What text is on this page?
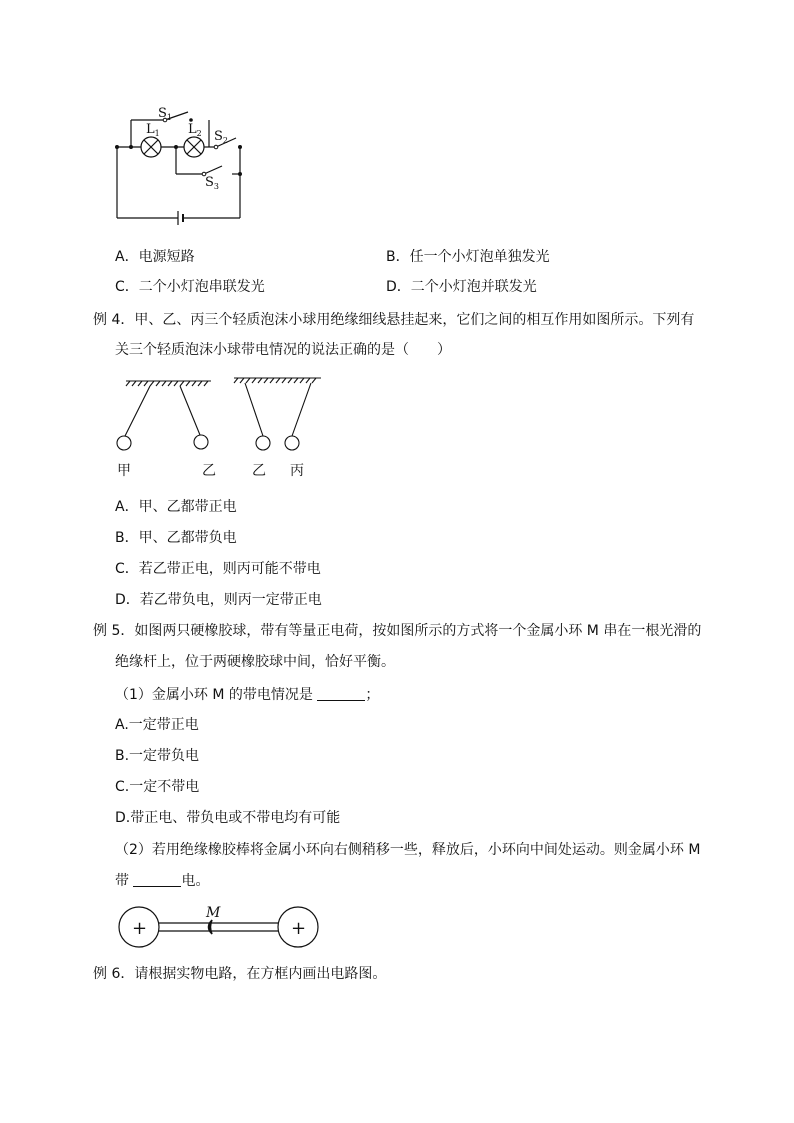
$S_1$
$L_1$ $L_2$ $S_2$
$S_3$
A．电源短路	B．任一个小灯泡单独发光
C．二个小灯泡串联发光	D．二个小灯泡并联发光
例 4．甲、乙、丙三个轻质泡沫小球用绝缘细线悬挂起来，它们之间的相互作用如图所示。下列有
关三个轻质泡沫小球带电情况的说法正确的是（　　）
甲	乙	乙 丙
A．甲、乙都带正电
B．甲、乙都带负电
C．若乙带正电，则丙可能不带电
D．若乙带负电，则丙一定带正电
例 5．如图两只硬橡胶球，带有等量正电荷，按如图所示的方式将一个金属小环 M 串在一根光滑的
绝缘杆上，位于两硬橡胶球中间，恰好平衡。
（1）金属小环 M 的带电情况是	；
A.一定带正电
B.一定带负电
C.一定不带电
D.带正电、带负电或不带电均有可能
（2）若用绝缘橡胶棒将金属小环向右侧稍移一些，释放后，小环向中间处运动。则金属小环 M
带	电。
M
+	+
例 6．请根据实物电路，在方框内画出电路图。
